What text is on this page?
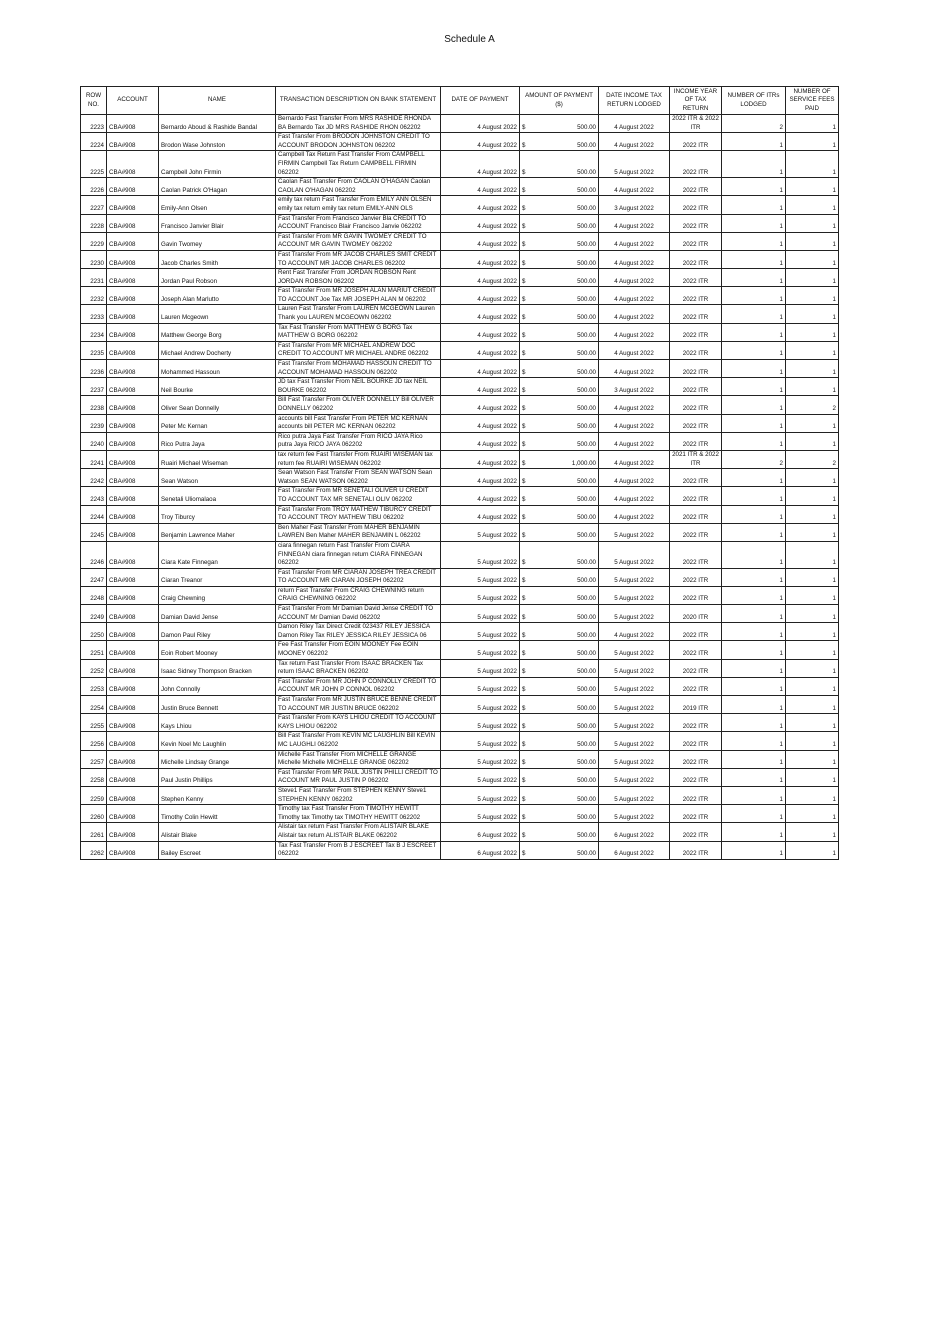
Schedule A
ROW NO.	ACCOUNT	NAME	TRANSACTION DESCRIPTION ON BANK STATEMENT	DATE OF PAYMENT	AMOUNT OF PAYMENT ($)	DATE INCOME TAX RETURN LODGED	INCOME YEAR OF TAX RETURN	NUMBER OF ITRs LODGED	NUMBER OF SERVICE FEES PAID
2223	CBA#908	Bernardo Aboud & Rashide Bandal	Bernardo Fast Transfer From MRS RASHIDE RHONDA BA Bernardo Tax JD MRS RASHIDE RHON 062202	4 August 2022	$ 500.00	4 August 2022	2022 ITR & 2022 ITR	2	1
2224	CBA#908	Brodon Wase Johnston	Fast Transfer From BRODON JOHNSTON CREDIT TO ACCOUNT BRODON JOHNSTON 062202	4 August 2022	$ 500.00	4 August 2022	2022 ITR	1	1
2225	CBA#908	Campbell John Firmin	Campbell Tax Return Fast Transfer From CAMPBELL FIRMIN Campbell Tax Return CAMPBELL FIRMIN 062202	4 August 2022	$ 500.00	5 August 2022	2022 ITR	1	1
2226	CBA#908	Caolan Patrick O'Hagan	Caolan Fast Transfer From CAOLAN O'HAGAN Caolan CAOLAN O'HAGAN 062202	4 August 2022	$ 500.00	4 August 2022	2022 ITR	1	1
2227	CBA#908	Emily-Ann Olsen	emily tax return Fast Transfer From EMILY ANN OLSEN emily tax return emily tax return EMILY-ANN OLS	4 August 2022	$ 500.00	3 August 2022	2022 ITR	1	1
2228	CBA#908	Francisco Janvier Blair	Fast Transfer From Francisco Janvier Bla CREDIT TO ACCOUNT Francisco Blair Francisco Janvie 062202	4 August 2022	$ 500.00	4 August 2022	2022 ITR	1	1
2229	CBA#908	Gavin Twomey	Fast Transfer From MR GAVIN TWOMEY CREDIT TO ACCOUNT MR GAVIN TWOMEY 062202	4 August 2022	$ 500.00	4 August 2022	2022 ITR	1	1
2230	CBA#908	Jacob Charles Smith	Fast Transfer From MR JACOB CHARLES SMIT CREDIT TO ACCOUNT MR JACOB CHARLES 062202	4 August 2022	$ 500.00	4 August 2022	2022 ITR	1	1
2231	CBA#908	Jordan Paul Robson	Rent Fast Transfer From JORDAN ROBSON Rent JORDAN ROBSON 062202	4 August 2022	$ 500.00	4 August 2022	2022 ITR	1	1
2232	CBA#908	Joseph Alan Marlutto	Fast Transfer From MR JOSEPH ALAN MARIUT CREDIT TO ACCOUNT Joe Tax MR JOSEPH ALAN M 062202	4 August 2022	$ 500.00	4 August 2022	2022 ITR	1	1
2233	CBA#908	Lauren Mcgeown	Lauren Fast Transfer From LAUREN MCGEOWN Lauren Thank you LAUREN MCGEOWN 062202	4 August 2022	$ 500.00	4 August 2022	2022 ITR	1	1
2234	CBA#908	Matthew George Borg	Tax Fast Transfer From MATTHEW G BORG Tax MATTHEW G BORG 062202	4 August 2022	$ 500.00	4 August 2022	2022 ITR	1	1
2235	CBA#908	Michael Andrew Docherty	Fast Transfer From MR MICHAEL ANDREW DOC CREDIT TO ACCOUNT MR MICHAEL ANDRE 062202	4 August 2022	$ 500.00	4 August 2022	2022 ITR	1	1
2236	CBA#908	Mohammed Hassoun	Fast Transfer From MOHAMAD HASSOUN CREDIT TO ACCOUNT MOHAMAD HASSOUN 062202	4 August 2022	$ 500.00	4 August 2022	2022 ITR	1	1
2237	CBA#908	Neil Bourke	JD tax Fast Transfer From NEIL BOURKE JD tax NEIL BOURKE 062202	4 August 2022	$ 500.00	3 August 2022	2022 ITR	1	1
2238	CBA#908	Oliver Sean Donnelly	Bill Fast Transfer From OLIVER DONNELLY Bill OLIVER DONNELLY 062202	4 August 2022	$ 500.00	4 August 2022	2022 ITR	1	2
2239	CBA#908	Peter Mc Kernan	accounts bill Fast Transfer From PETER MC KERNAN accounts bill PETER MC KERNAN 062202	4 August 2022	$ 500.00	4 August 2022	2022 ITR	1	1
2240	CBA#908	Rico Putra Jaya	Rico putra Jaya Fast Transfer From RICO JAYA Rico putra Jaya RICO JAYA 062202	4 August 2022	$ 500.00	4 August 2022	2022 ITR	1	1
2241	CBA#908	Ruairi Michael Wiseman	tax return fee Fast Transfer From RUAIRI WISEMAN tax return fee RUAIRI WISEMAN 062202	4 August 2022	$ 1,000.00	4 August 2022	2021 ITR & 2022 ITR	2	2
2242	CBA#908	Sean Watson	Sean Watson Fast Transfer From SEAN WATSON Sean Watson SEAN WATSON 062202	4 August 2022	$ 500.00	4 August 2022	2022 ITR	1	1
2243	CBA#908	Senetali Uliomalaoa	Fast Transfer From MR SENETALI OLIVER U CREDIT TO ACCOUNT TAX MR SENETALI OLIV 062202	4 August 2022	$ 500.00	4 August 2022	2022 ITR	1	1
2244	CBA#908	Troy Tiburcy	Fast Transfer From TROY MATHEW TIBURCY CREDIT TO ACCOUNT TROY MATHEW TIBU 062202	4 August 2022	$ 500.00	4 August 2022	2022 ITR	1	1
2245	CBA#908	Benjamin Lawrence Maher	Ben Maher Fast Transfer From MAHER BENJAMIN LAWREN Ben Maher MAHER BENJAMIN L 062202	5 August 2022	$ 500.00	5 August 2022	2022 ITR	1	1
2246	CBA#908	Ciara Kate Finnegan	ciara finnegan return Fast Transfer From CIARA FINNEGAN ciara finnegan return CIARA FINNEGAN 062202	5 August 2022	$ 500.00	5 August 2022	2022 ITR	1	1
2247	CBA#908	Ciaran Treanor	Fast Transfer From MR CIARAN JOSEPH TREA CREDIT TO ACCOUNT MR CIARAN JOSEPH 062202	5 August 2022	$ 500.00	5 August 2022	2022 ITR	1	1
2248	CBA#908	Craig Chewning	return Fast Transfer From CRAIG CHEWNING return CRAIG CHEWNING 062202	5 August 2022	$ 500.00	5 August 2022	2022 ITR	1	1
2249	CBA#908	Damian David Jense	Fast Transfer From Mr Damian David Jense CREDIT TO ACCOUNT Mr Damian David 062202	5 August 2022	$ 500.00	5 August 2022	2020 ITR	1	1
2250	CBA#908	Damon Paul Riley	Damon Riley Tax Direct Credit 023437 RILEY JESSICA Damon Riley Tax RILEY JESSICA RILEY JESSICA 06	5 August 2022	$ 500.00	4 August 2022	2022 ITR	1	1
2251	CBA#908	Eoin Robert Mooney	Fee Fast Transfer From EOIN MOONEY Fee EOIN MOONEY 062202	5 August 2022	$ 500.00	5 August 2022	2022 ITR	1	1
2252	CBA#908	Isaac Sidney Thompson Bracken	Tax return Fast Transfer From ISAAC BRACKEN Tax return ISAAC BRACKEN 062202	5 August 2022	$ 500.00	5 August 2022	2022 ITR	1	1
2253	CBA#908	John Connolly	Fast Transfer From MR JOHN P CONNOLLY CREDIT TO ACCOUNT MR JOHN P CONNOL 062202	5 August 2022	$ 500.00	5 August 2022	2022 ITR	1	1
2254	CBA#908	Justin Bruce Bennett	Fast Transfer From MR JUSTIN BRUCE BENNE CREDIT TO ACCOUNT MR JUSTIN BRUCE 062202	5 August 2022	$ 500.00	5 August 2022	2019 ITR	1	1
2255	CBA#908	Kays Lhiou	Fast Transfer From KAYS LHIOU CREDIT TO ACCOUNT KAYS LHIOU 062202	5 August 2022	$ 500.00	5 August 2022	2022 ITR	1	1
2256	CBA#908	Kevin Noel Mc Laughlin	Bill Fast Transfer From KEVIN MC LAUGHLIN Bill KEVIN MC LAUGHLI 062202	5 August 2022	$ 500.00	5 August 2022	2022 ITR	1	1
2257	CBA#908	Michelle Lindsay Grange	Michelle Fast Transfer From MICHELLE GRANGE Michelle Michelle MICHELLE GRANGE 062202	5 August 2022	$ 500.00	5 August 2022	2022 ITR	1	1
2258	CBA#908	Paul Justin Phillips	Fast Transfer From MR PAUL JUSTIN PHILLI CREDIT TO ACCOUNT MR PAUL JUSTIN P 062202	5 August 2022	$ 500.00	5 August 2022	2022 ITR	1	1
2259	CBA#908	Stephen Kenny	Steve1 Fast Transfer From STEPHEN KENNY Steve1 STEPHEN KENNY 062202	5 August 2022	$ 500.00	5 August 2022	2022 ITR	1	1
2260	CBA#908	Timothy Colin Hewitt	Timothy tax Fast Transfer From TIMOTHY HEWITT Timothy tax Timothy tax TIMOTHY HEWITT 062202	5 August 2022	$ 500.00	5 August 2022	2022 ITR	1	1
2261	CBA#908	Alistair Blake	Alistair tax return Fast Transfer From ALISTAIR BLAKE Alistair tax return ALISTAIR BLAKE 062202	6 August 2022	$ 500.00	6 August 2022	2022 ITR	1	1
2262	CBA#908	Bailey Escreet	Tax Fast Transfer From B J ESCREET Tax B J ESCREET 062202	6 August 2022	$ 500.00	6 August 2022	2022 ITR	1	1
